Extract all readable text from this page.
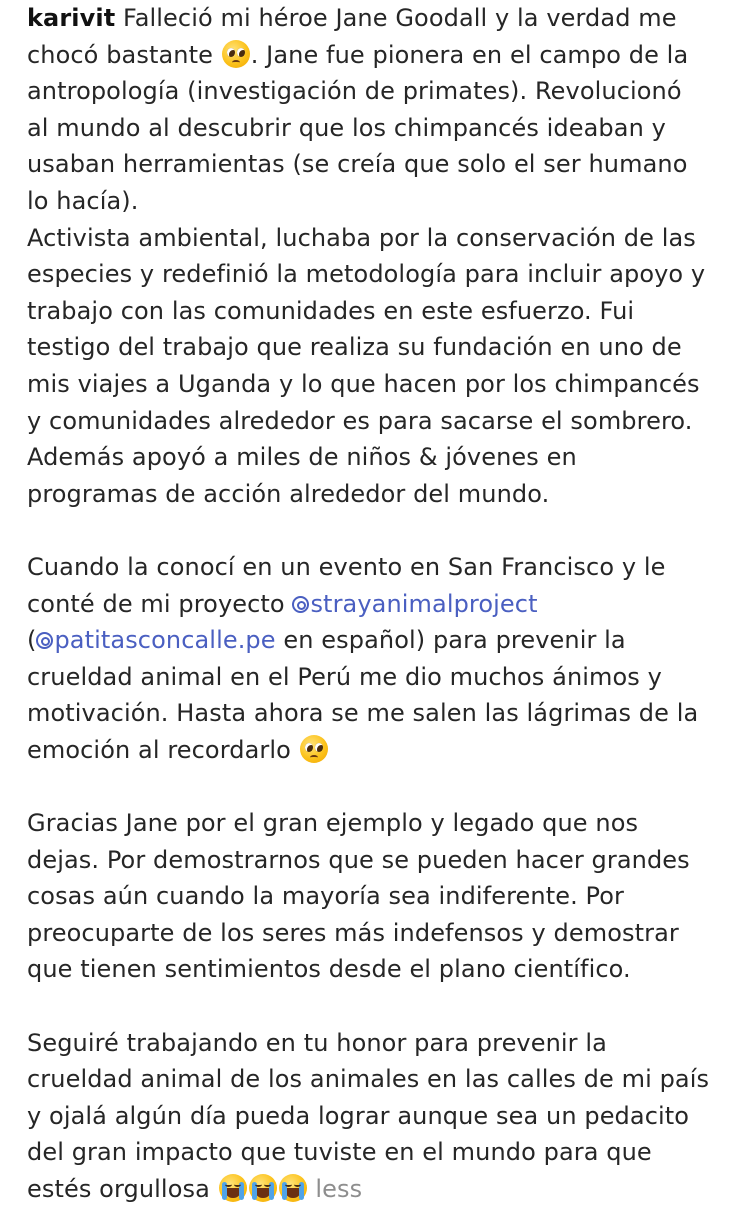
karivit Falleció mi héroe Jane Goodall y la verdad me
chocó bastante
. Jane fue pionera en el campo de la
antropología (investigación de primates). Revolucionó
al mundo al descubrir que los chimpancés ideaban y
usaban herramientas (se creía que solo el ser humano
lo hacía).
Activista ambiental, luchaba por la conservación de las
especies y redefinió la metodología para incluir apoyo y
trabajo con las comunidades en este esfuerzo. Fui
testigo del trabajo que realiza su fundación en uno de
mis viajes a Uganda y lo que hacen por los chimpancés
y comunidades alrededor es para sacarse el sombrero.
Además apoyó a miles de niños & jóvenes en
programas de acción alrededor del mundo.
Cuando la conocí en un evento en San Francisco y le
conté de mi proyecto strayanimalproject
( patitasconcalle.pe en español) para prevenir la
crueldad animal en el Perú me dio muchos ánimos y
motivación. Hasta ahora se me salen las lágrimas de la
emoción al recordarlo
Gracias Jane por el gran ejemplo y legado que nos
dejas. Por demostrarnos que se pueden hacer grandes
cosas aún cuando la mayoría sea indiferente. Por
preocuparte de los seres más indefensos y demostrar
que tienen sentimientos desde el plano científico.
Seguiré trabajando en tu honor para prevenir la
crueldad animal de los animales en las calles de mi país
y ojalá algún día pueda lograr aunque sea un pedacito
del gran impacto que tuviste en el mundo para que
estés orgullosa	less
